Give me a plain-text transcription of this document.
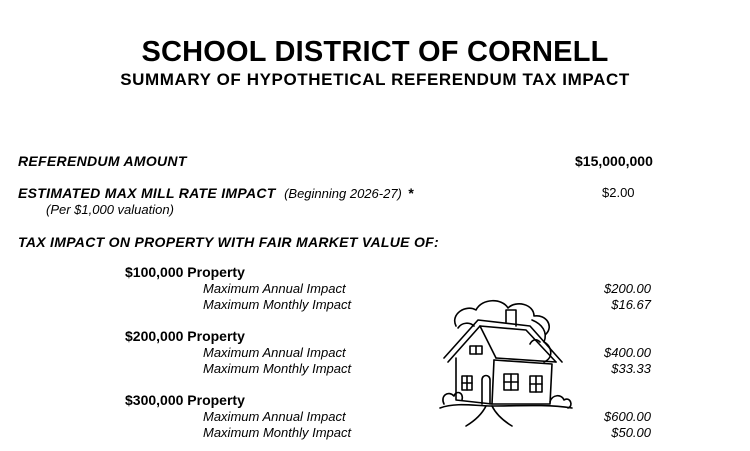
SCHOOL DISTRICT OF CORNELL
SUMMARY OF HYPOTHETICAL REFERENDUM TAX IMPACT
REFERENDUM AMOUNT	$15,000,000
ESTIMATED MAX MILL RATE IMPACT (Beginning 2026-27) *
(Per $1,000 valuation)
$2.00
TAX IMPACT ON PROPERTY WITH FAIR MARKET VALUE OF:
$100,000 Property
Maximum Annual Impact	$200.00
Maximum Monthly Impact	$16.67
$200,000 Property
Maximum Annual Impact	$400.00
Maximum Monthly Impact	$33.33
$300,000 Property
Maximum Annual Impact	$600.00
Maximum Monthly Impact	$50.00
